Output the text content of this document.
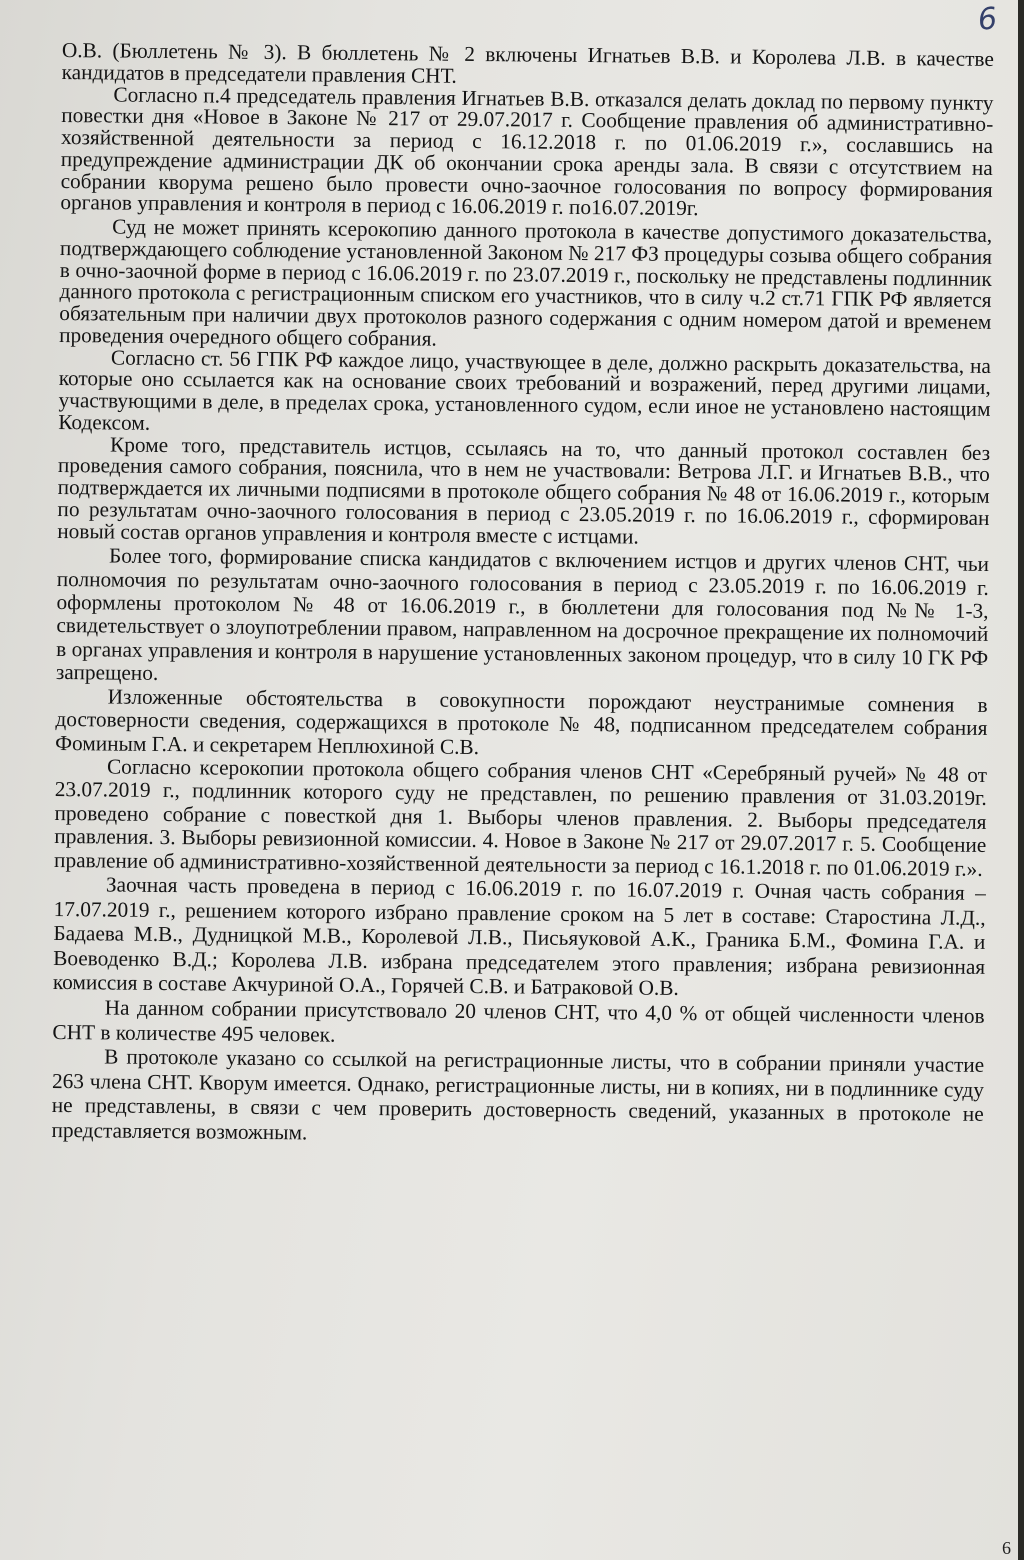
6

О.В. (Бюллетень № 3). В бюллетень № 2 включены Игнатьев В.В. и Королева Л.В. в качестве кандидатов в председатели правления СНТ.

Согласно п.4 председатель правления Игнатьев В.В. отказался делать доклад по первому пункту повестки дня «Новое в Законе № 217 от 29.07.2017 г. Сообщение правления об административно-хозяйственной деятельности за период с 16.12.2018 г. по 01.06.2019 г.», сославшись на предупреждение администрации ДК об окончании срока аренды зала. В связи с отсутствием на собрании кворума решено было провести очно-заочное голосования по вопросу формирования органов управления и контроля в период с 16.06.2019 г. по16.07.2019г.

Суд не может принять ксерокопию данного протокола в качестве допустимого доказательства, подтверждающего соблюдение установленной Законом № 217 ФЗ процедуры созыва общего собрания в очно-заочной форме в период с 16.06.2019 г. по 23.07.2019 г., поскольку не представлены подлинник данного протокола с регистрационным списком его участников, что в силу ч.2 ст.71 ГПК РФ является обязательным при наличии двух протоколов разного содержания с одним номером датой и временем проведения очередного общего собрания.

Согласно ст. 56 ГПК РФ каждое лицо, участвующее в деле, должно раскрыть доказательства, на которые оно ссылается как на основание своих требований и возражений, перед другими лицами, участвующими в деле, в пределах срока, установленного судом, если иное не установлено настоящим Кодексом.

Кроме того, представитель истцов, ссылаясь на то, что данный протокол составлен без проведения самого собрания, пояснила, что в нем не участвовали: Ветрова Л.Г. и Игнатьев В.В., что подтверждается их личными подписями в протоколе общего собрания № 48 от 16.06.2019 г., которым по результатам очно-заочного голосования в период с 23.05.2019 г. по 16.06.2019 г., сформирован новый состав органов управления и контроля вместе с истцами.

Более того, формирование списка кандидатов с включением истцов и других членов СНТ, чьи полномочия по результатам очно-заочного голосования в период с 23.05.2019 г. по 16.06.2019 г. оформлены протоколом № 48 от 16.06.2019 г., в бюллетени для голосования под №№ 1-3, свидетельствует о злоупотреблении правом, направленном на досрочное прекращение их полномочий в органах управления и контроля в нарушение установленных законом процедур, что в силу 10 ГК РФ запрещено.

Изложенные обстоятельства в совокупности порождают неустранимые сомнения в достоверности сведения, содержащихся в протоколе № 48, подписанном председателем собрания Фоминым Г.А. и секретарем Неплюхиной С.В.

Согласно ксерокопии протокола общего собрания членов СНТ «Серебряный ручей» № 48 от 23.07.2019 г., подлинник которого суду не представлен, по решению правления от 31.03.2019г. проведено собрание с повесткой дня 1. Выборы членов правления. 2. Выборы председателя правления. 3. Выборы ревизионной комиссии. 4. Новое в Законе № 217 от 29.07.2017 г. 5. Сообщение правление об административно-хозяйственной деятельности за период с 16.1.2018 г. по 01.06.2019 г.».

Заочная часть проведена в период с 16.06.2019 г. по 16.07.2019 г. Очная часть собрания – 17.07.2019 г., решением которого избрано правление сроком на 5 лет в составе: Старостина Л.Д., Бадаева М.В., Дудницкой М.В., Королевой Л.В., Письяуковой А.К., Граника Б.М., Фомина Г.А. и Воеводенко В.Д.; Королева Л.В. избрана председателем этого правления; избрана ревизионная комиссия в составе Акчуриной О.А., Горячей С.В. и Батраковой О.В.

На данном собрании присутствовало 20 членов СНТ, что 4,0 % от общей численности членов СНТ в количестве 495 человек.

В протоколе указано со ссылкой на регистрационные листы, что в собрании приняли участие 263 члена СНТ. Кворум имеется. Однако, регистрационные листы, ни в копиях, ни в подлиннике суду не представлены, в связи с чем проверить достоверность сведений, указанных в протоколе не представляется возможным.

6
